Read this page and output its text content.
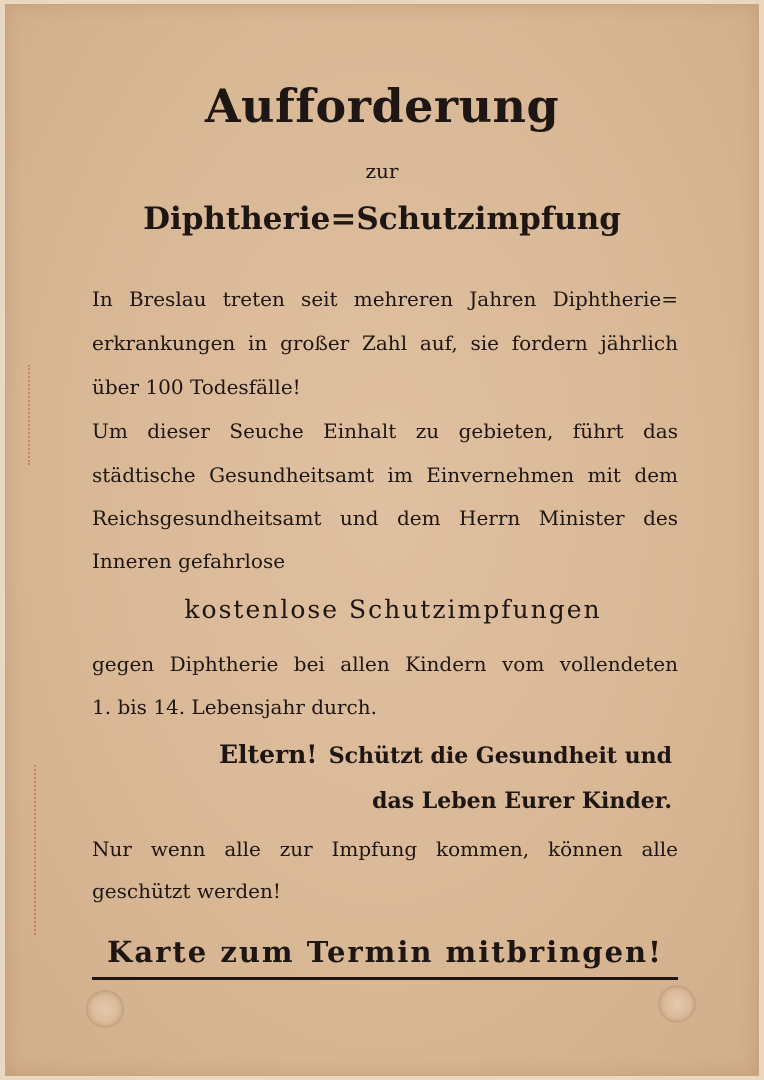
Aufforderung
zur
Diphtherie=Schutzimpfung
In Breslau treten seit mehreren Jahren Diphtherie=
erkrankungen in großer Zahl auf, sie fordern jährlich
über 100 Todesfälle!
Um dieser Seuche Einhalt zu gebieten, führt das
städtische Gesundheitsamt im Einvernehmen mit dem
Reichsgesundheitsamt und dem Herrn Minister des
Inneren gefahrlose
kostenlose Schutzimpfungen
gegen Diphtherie bei allen Kindern vom vollendeten
1. bis 14. Lebensjahr durch.
Eltern! Schützt die Gesundheit und
das Leben Eurer Kinder.
Nur wenn alle zur Impfung kommen, können alle
geschützt werden!
Karte zum Termin mitbringen!
